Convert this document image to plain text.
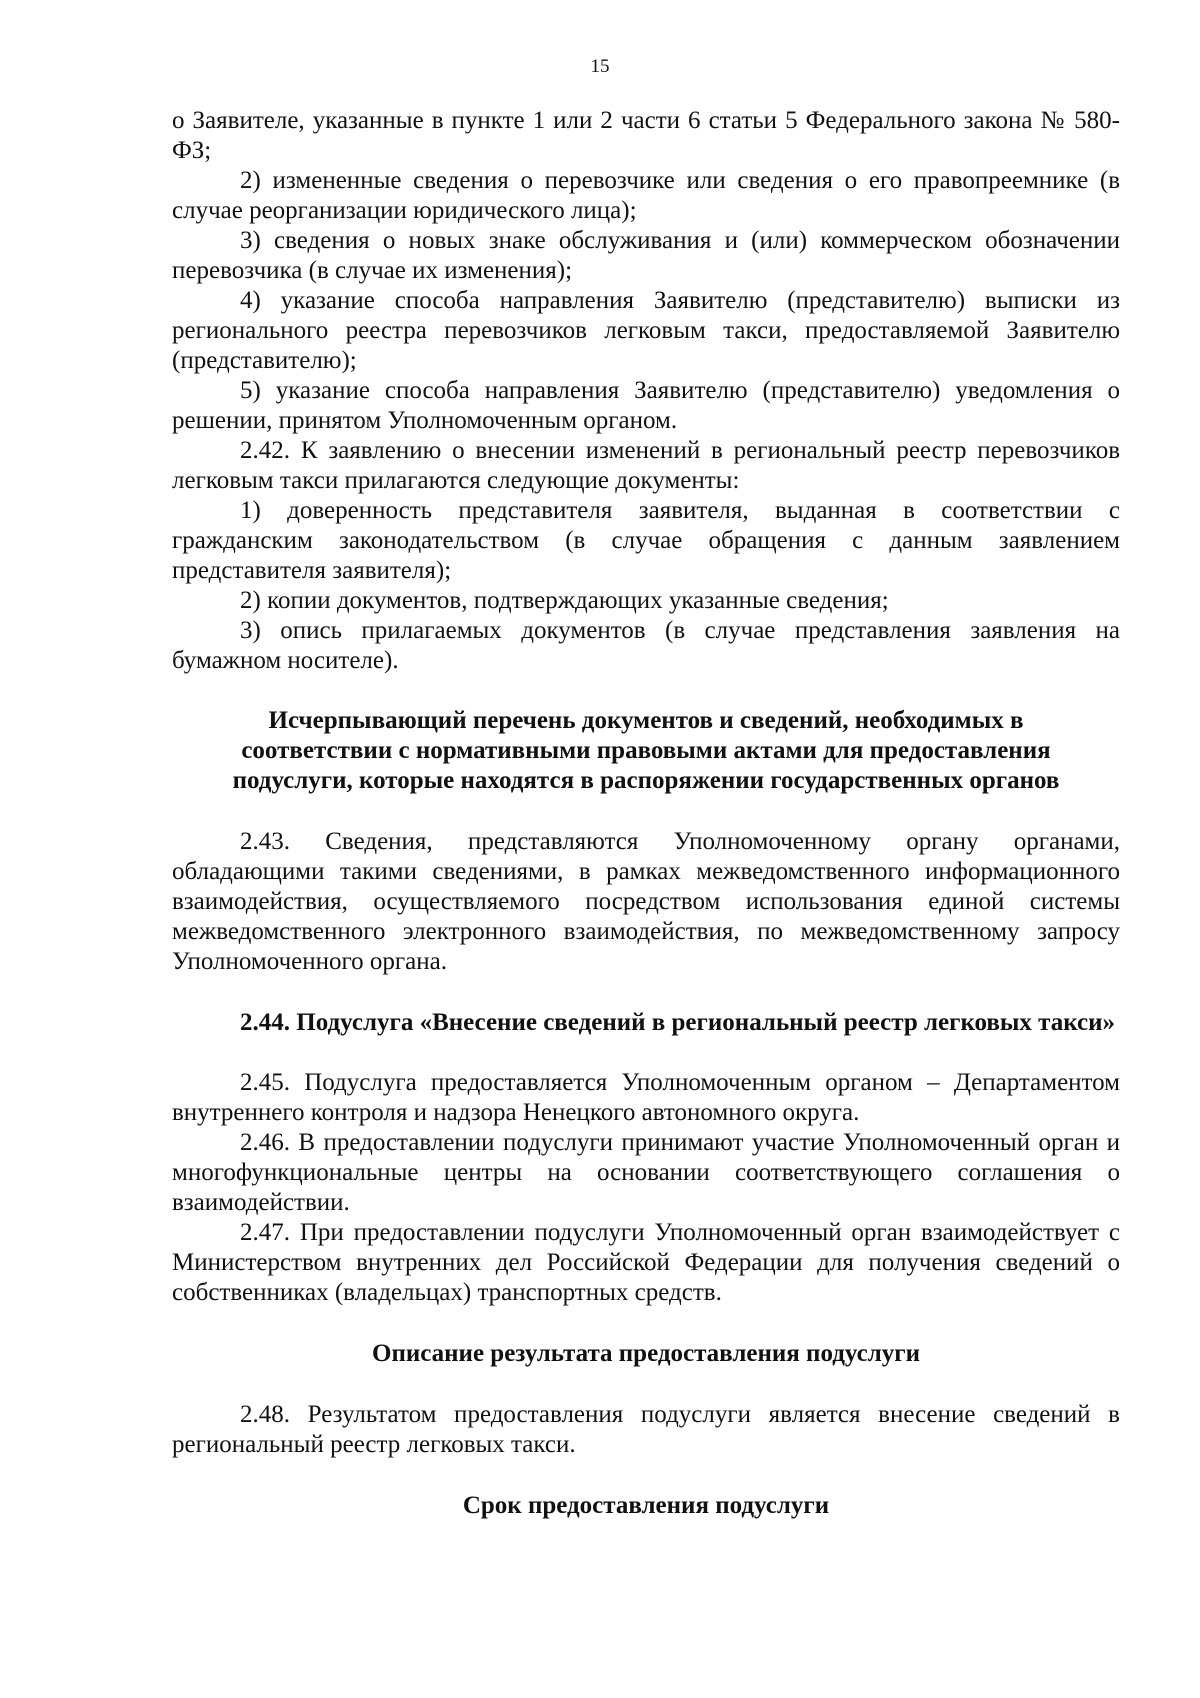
15

о Заявителе, указанные в пункте 1 или 2 части 6 статьи 5 Федерального закона № 580-ФЗ;

2) измененные сведения о перевозчике или сведения о его правопреемнике (в случае реорганизации юридического лица);

3) сведения о новых знаке обслуживания и (или) коммерческом обозначении перевозчика (в случае их изменения);

4) указание способа направления Заявителю (представителю) выписки из регионального реестра перевозчиков легковым такси, предоставляемой Заявителю (представителю);

5) указание способа направления Заявителю (представителю) уведомления о решении, принятом Уполномоченным органом.

2.42. К заявлению о внесении изменений в региональный реестр перевозчиков легковым такси прилагаются следующие документы:

1) доверенность представителя заявителя, выданная в соответствии с гражданским законодательством (в случае обращения с данным заявлением представителя заявителя);

2) копии документов, подтверждающих указанные сведения;

3) опись прилагаемых документов (в случае представления заявления на бумажном носителе).

Исчерпывающий перечень документов и сведений, необходимых в соответствии с нормативными правовыми актами для предоставления подуслуги, которые находятся в распоряжении государственных органов

2.43. Сведения, представляются Уполномоченному органу органами, обладающими такими сведениями, в рамках межведомственного информационного взаимодействия, осуществляемого посредством использования единой системы межведомственного электронного взаимодействия, по межведомственному запросу Уполномоченного органа.

2.44. Подуслуга «Внесение сведений в региональный реестр легковых такси»

2.45. Подуслуга предоставляется Уполномоченным органом – Департаментом внутреннего контроля и надзора Ненецкого автономного округа.

2.46. В предоставлении подуслуги принимают участие Уполномоченный орган и многофункциональные центры на основании соответствующего соглашения о взаимодействии.

2.47. При предоставлении подуслуги Уполномоченный орган взаимодействует с Министерством внутренних дел Российской Федерации для получения сведений о собственниках (владельцах) транспортных средств.

Описание результата предоставления подуслуги

2.48. Результатом предоставления подуслуги является внесение сведений в региональный реестр легковых такси.

Срок предоставления подуслуги
